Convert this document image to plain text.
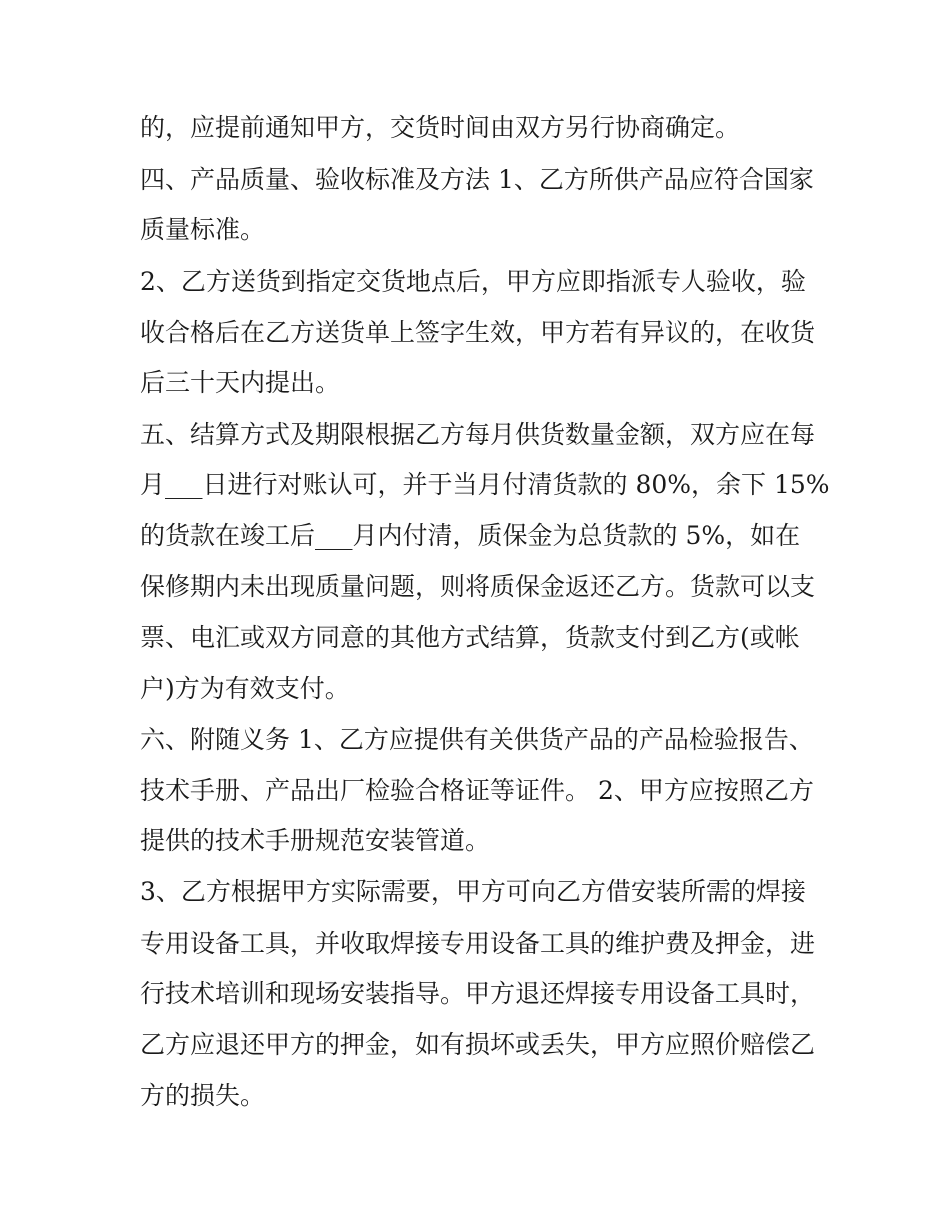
的，应提前通知甲方，交货时间由双方另行协商确定。
四、产品质量、验收标准及方法 1、乙方所供产品应符合国家
质量标准。
2、乙方送货到指定交货地点后，甲方应即指派专人验收，验
收合格后在乙方送货单上签字生效，甲方若有异议的，在收货
后三十天内提出。
五、结算方式及期限根据乙方每月供货数量金额，双方应在每
月___日进行对账认可，并于当月付清货款的 80%，余下 15%
的货款在竣工后___月内付清，质保金为总货款的 5%，如在
保修期内未出现质量问题，则将质保金返还乙方。货款可以支
票、电汇或双方同意的其他方式结算，货款支付到乙方(或帐
户)方为有效支付。
六、附随义务 1、乙方应提供有关供货产品的产品检验报告、
技术手册、产品出厂检验合格证等证件。 2、甲方应按照乙方
提供的技术手册规范安装管道。
3、乙方根据甲方实际需要，甲方可向乙方借安装所需的焊接
专用设备工具，并收取焊接专用设备工具的维护费及押金，进
行技术培训和现场安装指导。甲方退还焊接专用设备工具时，
乙方应退还甲方的押金，如有损坏或丢失，甲方应照价赔偿乙
方的损失。
